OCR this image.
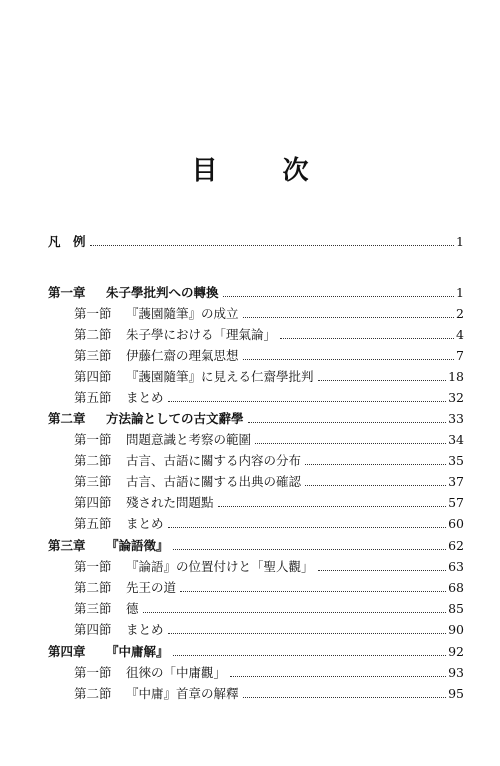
目 次
凡　例	1
第一章 朱子學批判への轉換	1
第一節 『䕶園隨筆』の成立	2
第二節 朱子學における「理氣論」	4
第三節 伊藤仁齋の理氣思想	7
第四節 『䕶園隨筆』に見える仁齋學批判	18
第五節 まとめ	32
第二章 方法論としての古文辭學	33
第一節 問題意識と考察の範圍	34
第二節 古言、古語に關する内容の分布	35
第三節 古言、古語に關する出典の確認	37
第四節 殘された問題點	57
第五節 まとめ	60
第三章 『論語徵』	62
第一節 『論語』の位置付けと「聖人觀」	63
第二節 先王の道	68
第三節 德	85
第四節 まとめ	90
第四章 『中庸解』	92
第一節 徂徠の「中庸觀」	93
第二節 『中庸』首章の解釋	95
